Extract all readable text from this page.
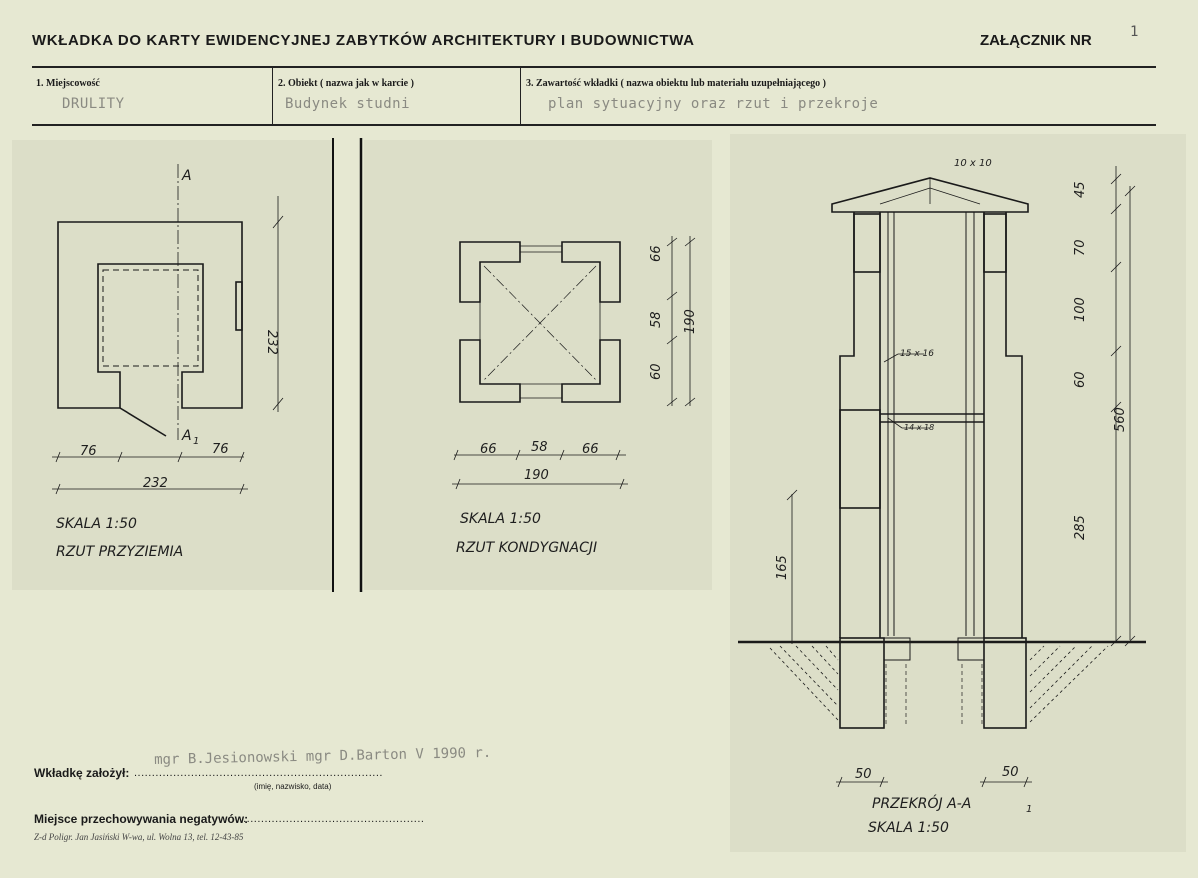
WKŁADKA DO KARTY EWIDENCYJNEJ ZABYTKÓW ARCHITEKTURY I BUDOWNICTWA	ZAŁĄCZNIK NR	1
1. Miejscowość
DRULITY
2. Obiekt ( nazwa jak w karcie )
Budynek studni
3. Zawartość wkładki ( nazwa obiektu lub materiału uzupełniającego )
plan sytuacyjny oraz rzut i przekroje
A
A 1
76	76
232
232
SKALA 1:50
RZUT PRZYZIEMIA
66	58	66
190
66
58
60
190
SKALA 1:50
RZUT KONDYGNACJI
10 x 10
15 x 16
14 x 18
45
70
100
60
285
560
165
50	50
PRZEKRÓJ A-A	1
SKALA 1:50
Wkładkę założył: ......................................................................
mgr B.Jesionowski mgr D.Barton V 1990 r.
(imię, nazwisko, data)
Miejsce przechowywania negatywów:
.....................................................
Z-d Poligr. Jan Jasiński W-wa, ul. Wolna 13, tel. 12-43-85
